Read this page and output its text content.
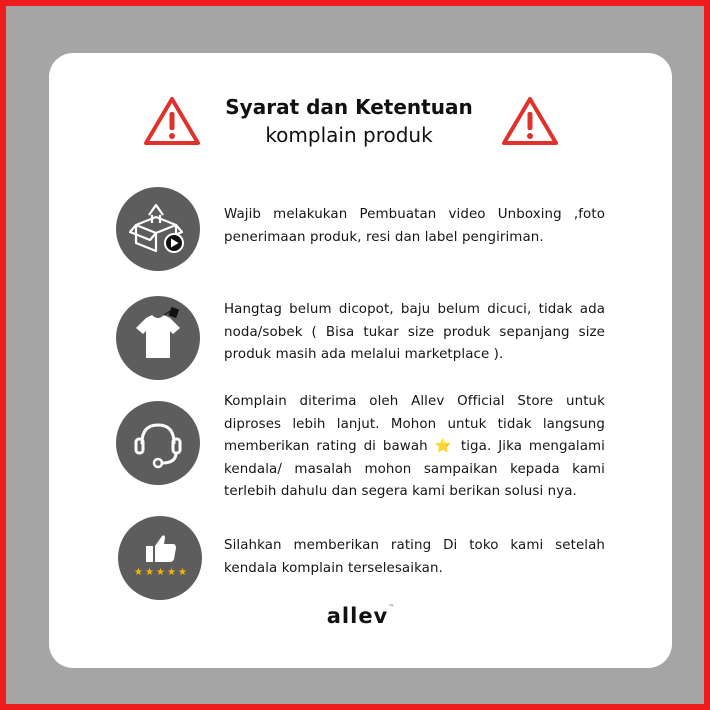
Syarat dan Ketentuan
komplain produk
Wajib melakukan Pembuatan video Unboxing ,foto penerimaan produk, resi dan label pengiriman.
Hangtag belum dicopot, baju belum dicuci, tidak ada noda/sobek ( Bisa tukar size produk sepanjang size produk masih ada melalui marketplace ).
Komplain diterima oleh Allev Official Store untuk diproses lebih lanjut. Mohon untuk tidak langsung memberikan rating di bawah ⭐ tiga. Jika mengalami kendala/ masalah mohon sampaikan kepada kami terlebih dahulu dan segera kami berikan solusi nya.
★ ★ ★ ★ ★
Silahkan memberikan rating Di toko kami setelah kendala komplain terselesaikan.
allev™
